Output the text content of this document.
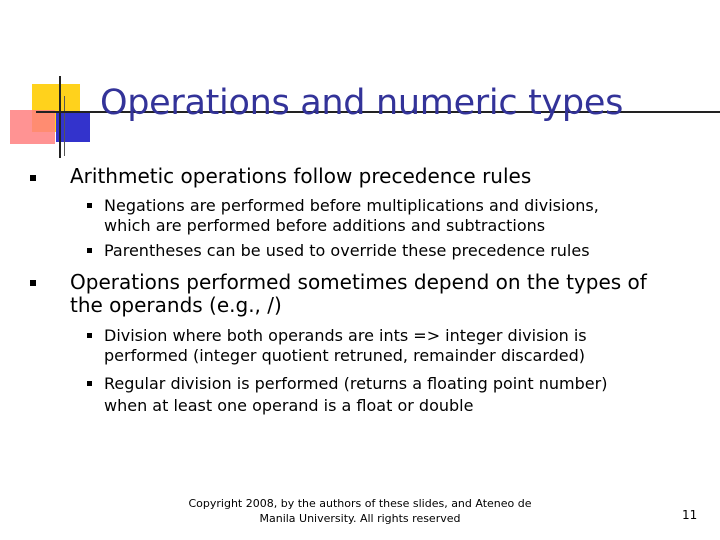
Operations and numeric types
Arithmetic operations follow precedence rules
Negations are performed before multiplications and divisions,
which are performed before additions and subtractions
Parentheses can be used to override these precedence rules
Operations performed sometimes depend on the types of
the operands (e.g., /)
Division where both operands are ints => integer division is
performed (integer quotient retruned, remainder discarded)
Regular division is performed (returns a floating point number)
when at least one operand is a float or double
Copyright 2008, by the authors of these slides, and Ateneo de
Manila University. All rights reserved	11
